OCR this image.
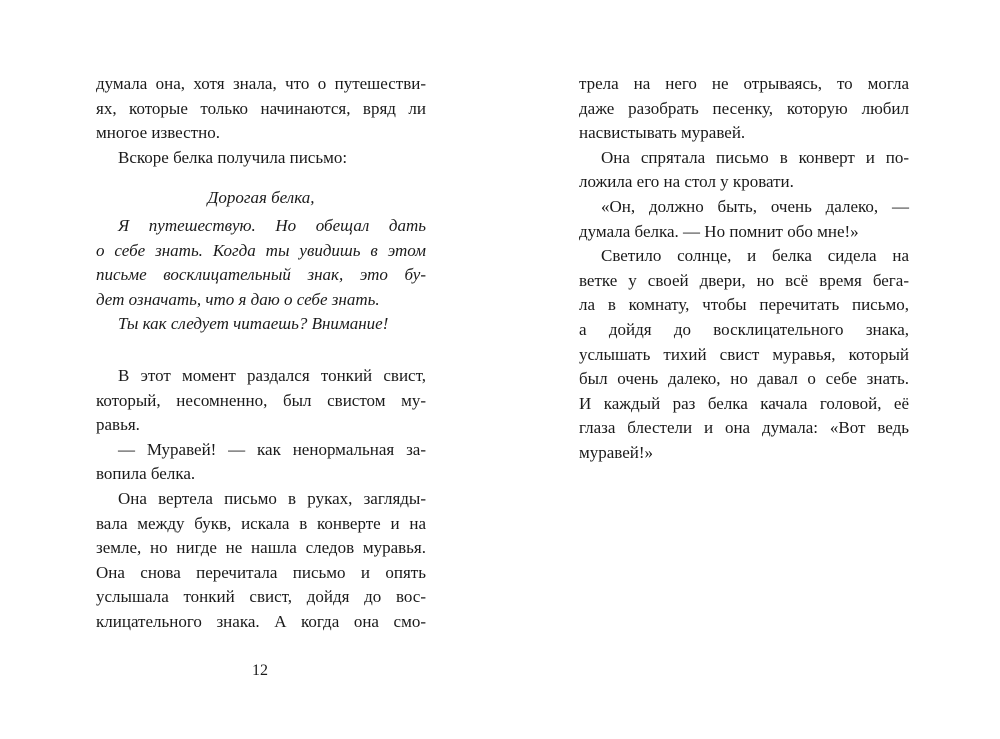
думала она, хотя знала, что о путешестви-
ях, которые только начинаются, вряд ли
многое известно.
Вскоре белка получила письмо:
Дорогая белка,
Я путешествую. Но обещал дать
о себе знать. Когда ты увидишь в этом
письме восклицательный знак, это бу-
дет означать, что я даю о себе знать.
Ты как следует читаешь? Внимание!
В этот момент раздался тонкий свист,
который, несомненно, был свистом му-
равья.
— Муравей! — как ненормальная за-
вопила белка.
Она вертела письмо в руках, загляды-
вала между букв, искала в конверте и на
земле, но нигде не нашла следов муравья.
Она снова перечитала письмо и опять
услышала тонкий свист, дойдя до вос-
клицательного знака. А когда она смо-
трела на него не отрываясь, то могла
даже разобрать песенку, которую любил
насвистывать муравей.
Она спрятала письмо в конверт и по-
ложила его на стол у кровати.
«Он, должно быть, очень далеко, —
думала белка. — Но помнит обо мне!»
Светило солнце, и белка сидела на
ветке у своей двери, но всё время бега-
ла в комнату, чтобы перечитать письмо,
а дойдя до восклицательного знака,
услышать тихий свист муравья, который
был очень далеко, но давал о себе знать.
И каждый раз белка качала головой, её
глаза блестели и она думала: «Вот ведь
муравей!»
12
